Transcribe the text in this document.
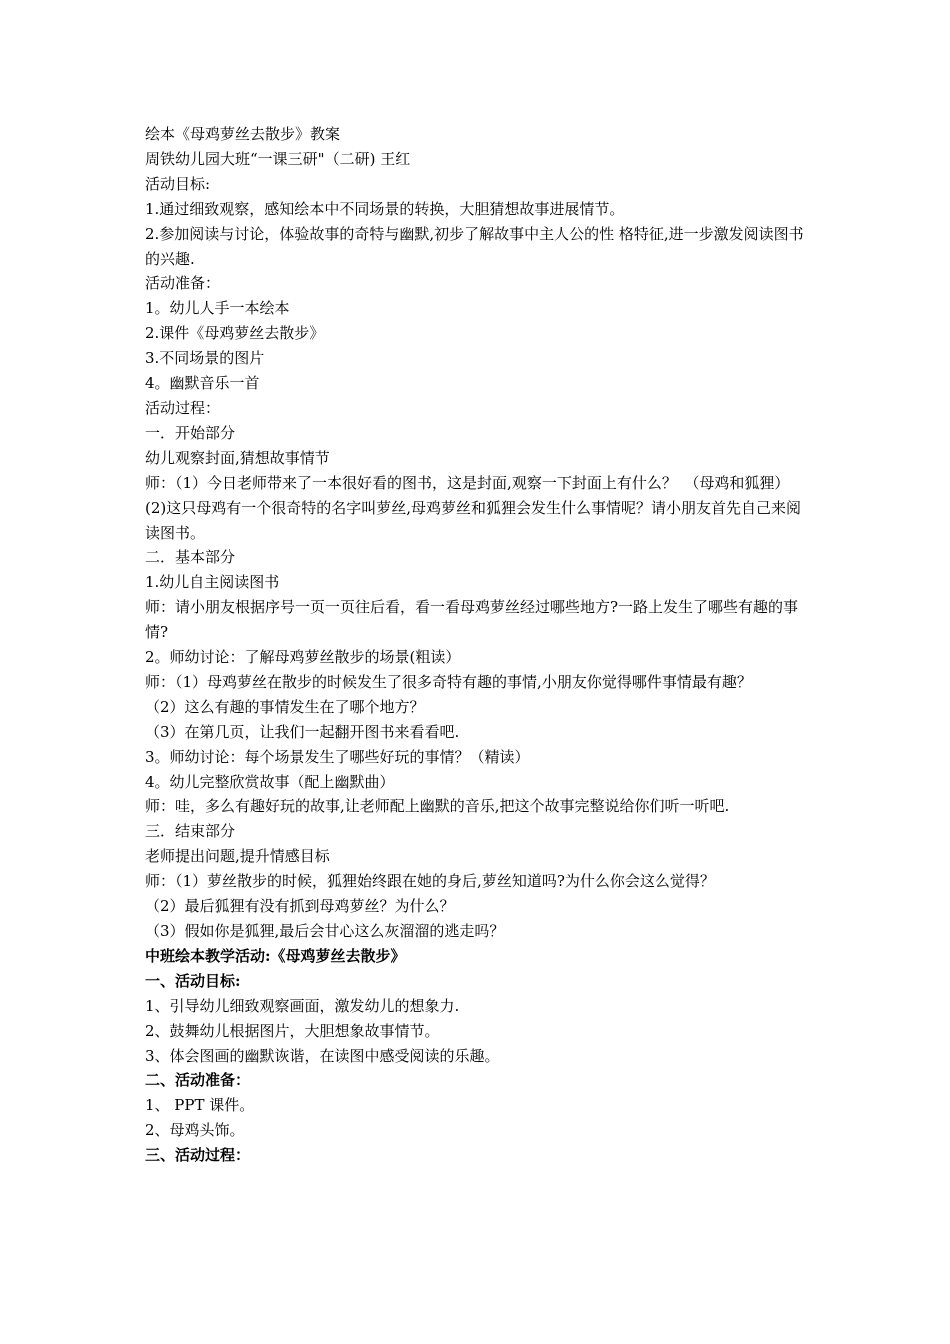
绘本《母鸡萝丝去散步》教案

周铁幼儿园大班“一课三研"（二研) 王红

活动目标:

1.通过细致观察，感知绘本中不同场景的转换，大胆猜想故事进展情节。

2.参加阅读与讨论，体验故事的奇特与幽默,初步了解故事中主人公的性 格特征,进一步激发阅读图书的兴趣.

活动准备：

1。幼儿人手一本绘本

2.课件《母鸡萝丝去散步》

3.不同场景的图片

4。幽默音乐一首

活动过程：

一．开始部分

幼儿观察封面,猜想故事情节

师：（1）今日老师带来了一本很好看的图书，这是封面,观察一下封面上有什么？　（母鸡和狐狸）

(2)这只母鸡有一个很奇特的名字叫萝丝,母鸡萝丝和狐狸会发生什么事情呢？请小朋友首先自己来阅读图书。

二．基本部分

1.幼儿自主阅读图书

师：请小朋友根据序号一页一页往后看，看一看母鸡萝丝经过哪些地方?一路上发生了哪些有趣的事情?

2。师幼讨论：了解母鸡萝丝散步的场景(粗读）

师：（1）母鸡萝丝在散步的时候发生了很多奇特有趣的事情,小朋友你觉得哪件事情最有趣？

（2）这么有趣的事情发生在了哪个地方？

（3）在第几页，让我们一起翻开图书来看看吧.

3。师幼讨论：每个场景发生了哪些好玩的事情？（精读）

4。幼儿完整欣赏故事（配上幽默曲）

师：哇，多么有趣好玩的故事,让老师配上幽默的音乐,把这个故事完整说给你们听一听吧.

三．结束部分

老师提出问题,提升情感目标

师：（1）萝丝散步的时候，狐狸始终跟在她的身后,萝丝知道吗?为什么你会这么觉得？

（2）最后狐狸有没有抓到母鸡萝丝？为什么？

（3）假如你是狐狸,最后会甘心这么灰溜溜的逃走吗？

中班绘本教学活动:《母鸡萝丝去散步》

一、活动目标:

1、引导幼儿细致观察画面，激发幼儿的想象力.

2、鼓舞幼儿根据图片，大胆想象故事情节。

3、体会图画的幽默诙谐，在读图中感受阅读的乐趣。

二、活动准备：

1、 PPT 课件。

2、母鸡头饰。

三、活动过程：
